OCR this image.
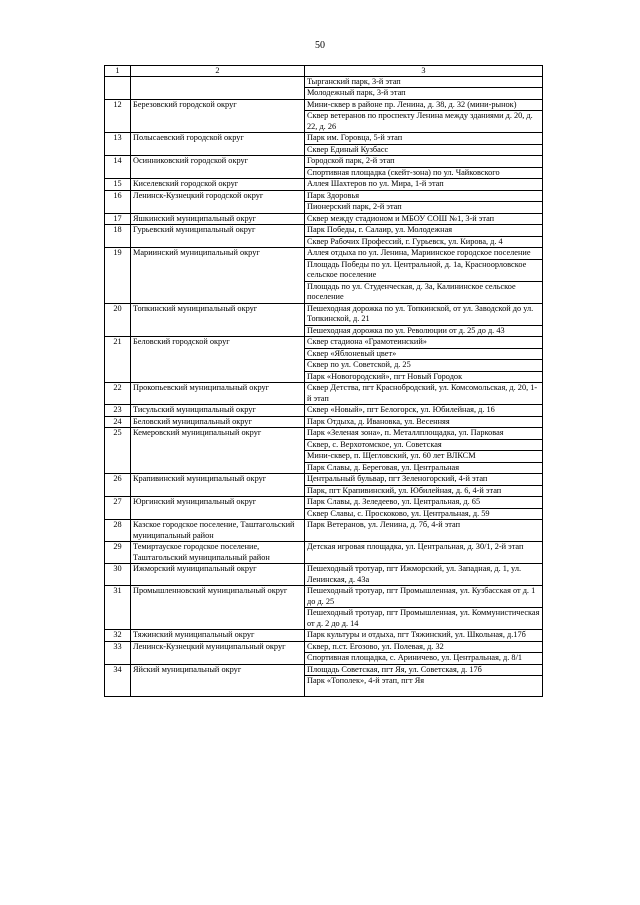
50
1	2	3
		Тырганский парк, 3-й этап
		Молодежный парк, 3-й этап
12	Березовский городской округ	Мини-сквер в районе пр. Ленина, д. 38, д. 32 (мини-рынок)
		Сквер ветеранов по проспекту Ленина между зданиями д. 20, д. 22, д. 26
13	Полысаевский городской округ	Парк им. Горовца, 5-й этап
		Сквер Единый Кузбасс
14	Осинниковский городской округ	Городской парк, 2-й этап
		Спортивная площадка (скейт-зона) по ул. Чайковского
15	Киселевский городской округ	Аллея Шахтеров по ул. Мира, 1-й этап
16	Ленинск-Кузнецкий городской округ	Парк Здоровья
		Пионерский парк, 2-й этап
17	Яшкинский муниципальный округ	Сквер между стадионом и МБОУ СОШ №1, 3-й этап
18	Гурьевский муниципальный округ	Парк Победы, г. Салаир, ул. Молодежная
		Сквер Рабочих Профессий, г. Гурьевск, ул. Кирова, д. 4
19	Мариинский муниципальный округ	Аллея отдыха по ул. Ленина, Мариинское городское поселение
		Площадь Победы по ул. Центральной, д. 1а, Красноорловское сельское поселение
		Площадь по ул. Студенческая, д. 3а, Калининское сельское поселение
20	Топкинский муниципальный округ	Пешеходная дорожка по ул. Топкинской, от ул. Заводской до ул. Топкинской, д. 21
		Пешеходная дорожка по ул. Революции от д. 25 до д. 43
21	Беловский городской округ	Сквер стадиона «Грамотеинский»
		Сквер «Яблоневый цвет»
		Сквер по ул. Советской, д. 25
		Парк «Новогородский», пгт Новый Городок
22	Прокопьевский муниципальный округ	Сквер Детства, пгт Краснобродский, ул. Комсомольская, д. 20, 1-й этап
23	Тисульский муниципальный округ	Сквер «Новый», пгт Белогорск, ул. Юбилейная, д. 16
24	Беловский муниципальный округ	Парк Отдыха, д. Ивановка, ул. Весенняя
25	Кемеровский муниципальный округ	Парк «Зеленая зона», п. Металлплощадка, ул. Парковая
		Сквер, с. Верхотомское, ул. Советская
		Мини-сквер, п. Щегловский, ул. 60 лет ВЛКСМ
		Парк Славы, д. Береговая, ул. Центральная
26	Крапивинский муниципальный округ	Центральный бульвар, пгт Зеленогорский, 4-й этап
		Парк, пгт Крапивинский, ул. Юбилейная, д. 6, 4-й этап
27	Юргинский муниципальный округ	Парк Славы, д. Зеледеево, ул. Центральная, д. 65
		Сквер Славы, с. Проскоково, ул. Центральная, д. 59
28	Казское городское поселение, Таштагольский муниципальный район	Парк Ветеранов, ул. Ленина, д. 7б, 4-й этап
29	Темиртауское городское поселение, Таштагольский муниципальный район	Детская игровая площадка, ул. Центральная, д. 30/1, 2-й этап
30	Ижморский муниципальный округ	Пешеходный тротуар, пгт Ижморский, ул. Западная, д. 1, ул. Ленинская, д. 43а
31	Промышленновский муниципальный округ	Пешеходный тротуар, пгт Промышленная, ул. Кузбасская от д. 1 до д. 25
		Пешеходный тротуар, пгт Промышленная, ул. Коммунистическая от д. 2 до д. 14
32	Тяжинский муниципальный округ	Парк культуры и отдыха, пгт Тяжинский, ул. Школьная, д.17б
33	Ленинск-Кузнецкий муниципальный округ	Сквер, п.ст. Егозово, ул. Полевая, д. 32
		Спортивная площадка, с. Ариничево, ул. Центральная, д. 8/1
34	Яйский муниципальный округ	Площадь Советская, пгт Яя, ул. Советская, д. 17б
		Парк «Тополек», 4-й этап, пгт Яя
